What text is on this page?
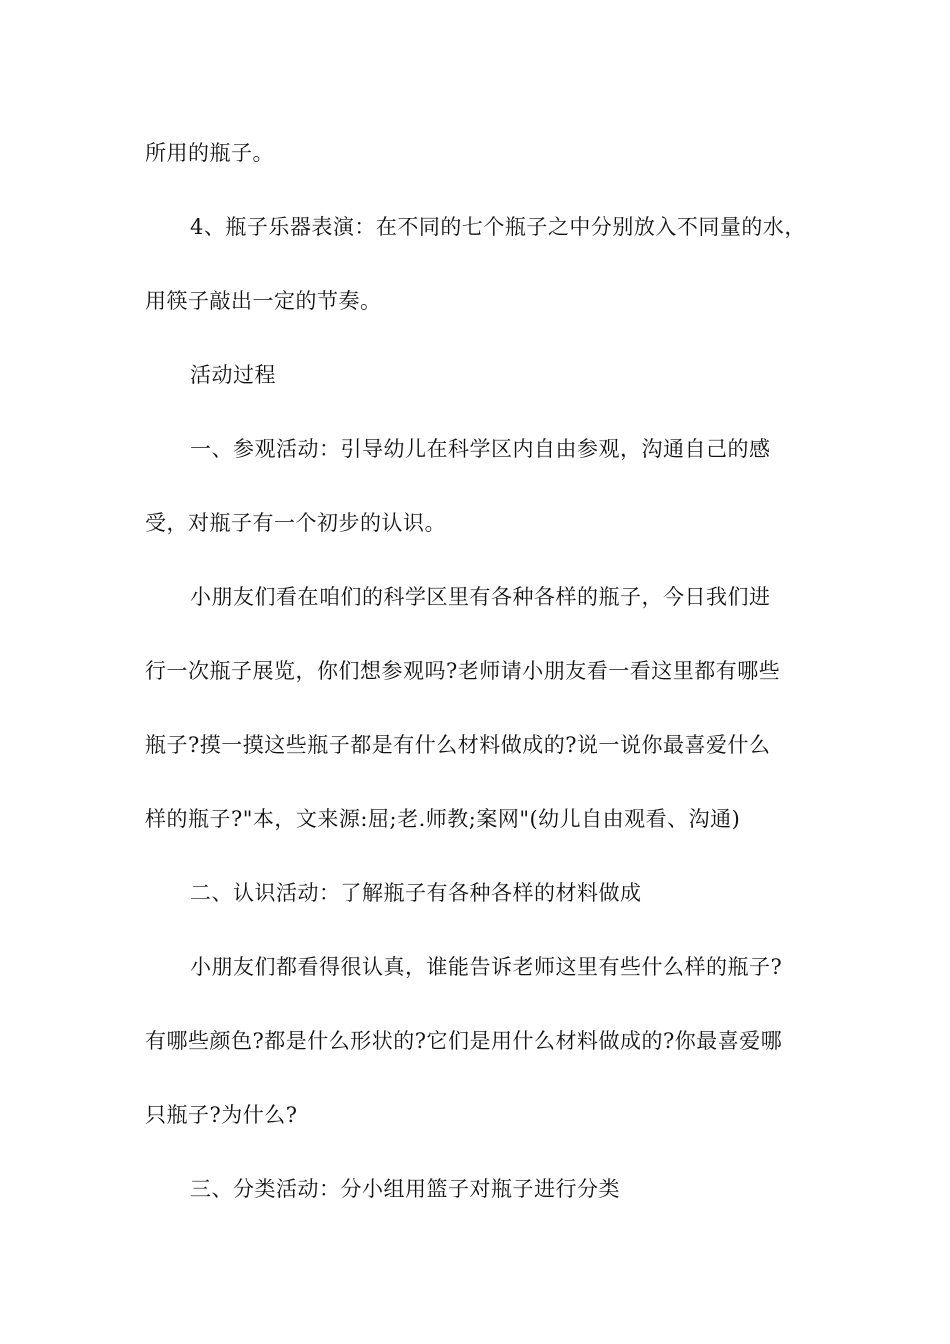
所用的瓶子。
4、瓶子乐器表演：在不同的七个瓶子之中分别放入不同量的水，
用筷子敲出一定的节奏。
活动过程
一、参观活动：引导幼儿在科学区内自由参观，沟通自己的感
受，对瓶子有一个初步的认识。
小朋友们看在咱们的科学区里有各种各样的瓶子，今日我们进
行一次瓶子展览，你们想参观吗?老师请小朋友看一看这里都有哪些
瓶子?摸一摸这些瓶子都是有什么材料做成的?说一说你最喜爱什么
样的瓶子?"本，文来源:屈;老.师教;案网"(幼儿自由观看、沟通)
二、认识活动：了解瓶子有各种各样的材料做成
小朋友们都看得很认真，谁能告诉老师这里有些什么样的瓶子?
有哪些颜色?都是什么形状的?它们是用什么材料做成的?你最喜爱哪
只瓶子?为什么?
三、分类活动：分小组用篮子对瓶子进行分类
